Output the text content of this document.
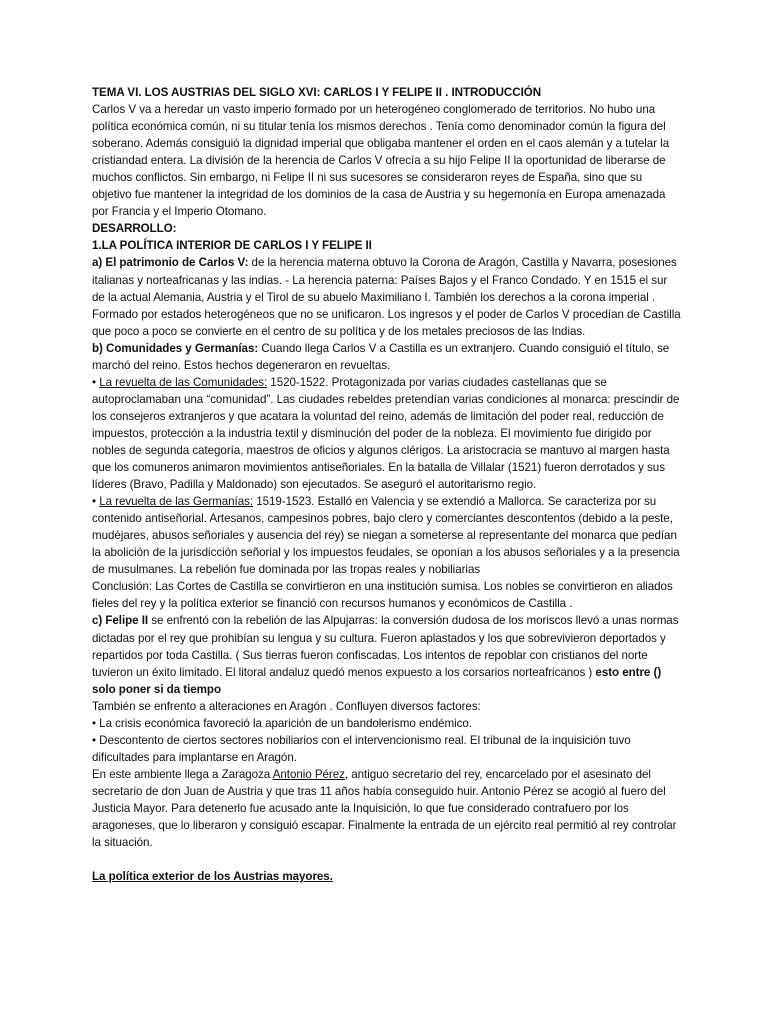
TEMA VI. LOS AUSTRIAS DEL SIGLO XVI: CARLOS I Y FELIPE II . INTRODUCCIÓN

Carlos V va a heredar un vasto imperio formado por un heterogéneo conglomerado de territorios. No hubo una política económica común, ni su titular tenía los mismos derechos . Tenía como denominador común la figura del soberano. Además consiguió la dignidad imperial que obligaba mantener el orden en el caos alemán y a tutelar la cristiandad entera. La división de la herencia de Carlos V ofrecía a su hijo Felipe II la oportunidad de liberarse de muchos conflictos. Sin embargo, ni Felipe II ni sus sucesores se consideraron reyes de España, sino que su objetivo fue mantener la integridad de los dominios de la casa de Austria y su hegemonía en Europa amenazada por Francia y el Imperio Otomano.

DESARROLLO:

1.LA POLÍTICA INTERIOR DE CARLOS I Y FELIPE II

a) El patrimonio de Carlos V: de la herencia materna obtuvo la Corona de Aragón, Castilla y Navarra, posesiones italianas y norteafricanas y las indias. - La herencia paterna: Países Bajos y el Franco Condado. Y en 1515 el sur de la actual Alemania, Austria y el Tirol de su abuelo Maximiliano I. También los derechos a la corona imperial . Formado por estados heterogéneos que no se unificaron. Los ingresos y el poder de Carlos V procedían de Castilla que poco a poco se convierte en el centro de su política y de los metales preciosos de las Indias.

b) Comunidades y Germanías: Cuando llega Carlos V a Castilla es un extranjero. Cuando consiguió el título, se marchó del reino. Estos hechos degeneraron en revueltas.

• La revuelta de las Comunidades: 1520-1522. Protagonizada por varias ciudades castellanas que se autoproclamaban una “comunidad”. Las ciudades rebeldes pretendían varias condiciones al monarca: prescindir de los consejeros extranjeros y que acatara la voluntad del reino, además de limitación del poder real, reducción de impuestos, protección a la industria textil y disminución del poder de la nobleza. El movimiento fue dirigido por nobles de segunda categoría, maestros de oficios y algunos clérigos. La aristocracia se mantuvo al margen hasta que los comuneros animaron movimientos antiseñoriales. En la batalla de Villalar (1521) fueron derrotados y sus líderes (Bravo, Padilla y Maldonado) son ejecutados. Se aseguró el autoritarismo regio.

• La revuelta de las Germanías: 1519-1523. Estalló en Valencia y se extendió a Mallorca. Se caracteriza por su contenido antiseñorial. Artesanos, campesinos pobres, bajo clero y comerciantes descontentos (debido a la peste, mudéjares, abusos señoriales y ausencia del rey) se niegan a someterse al representante del monarca que pedían la abolición de la jurisdicción señorial y los impuestos feudales, se oponían a los abusos señoriales y a la presencia de musulmanes. La rebelión fue dominada por las tropas reales y nobiliarias

Conclusión: Las Cortes de Castilla se convirtieron en una institución sumisa. Los nobles se convirtieron en aliados fieles del rey y la política exterior se financió con recursos humanos y económicos de Castilla .

c) Felipe II se enfrentó con la rebelión de las Alpujarras: la conversión dudosa de los moriscos llevó a unas normas dictadas por el rey que prohibían su lengua y su cultura. Fueron aplastados y los que sobrevivieron deportados y repartidos por toda Castilla. ( Sus tierras fueron confiscadas. Los intentos de repoblar con cristianos del norte tuvieron un éxito limitado. El litoral andaluz quedó menos expuesto a los corsarios norteafricanos ) esto entre () solo poner si da tiempo

También se enfrento a alteraciones en Aragón . Confluyen diversos factores:

• La crisis económica favoreció la aparición de un bandolerismo endémico.

• Descontento de ciertos sectores nobiliarios con el intervencionismo real. El tribunal de la inquisición tuvo dificultades para implantarse en Aragón.

En este ambiente llega a Zaragoza Antonio Pérez, antiguo secretario del rey, encarcelado por el asesinato del secretario de don Juan de Austria y que tras 11 años había conseguido huir. Antonio Pérez se acogió al fuero del Justicia Mayor. Para detenerlo fue acusado ante la Inquisición, lo que fue considerado contrafuero por los aragoneses, que lo liberaron y consiguió escapar. Finalmente la entrada de un ejército real permitió al rey controlar la situación.

La política exterior de los Austrias mayores.
